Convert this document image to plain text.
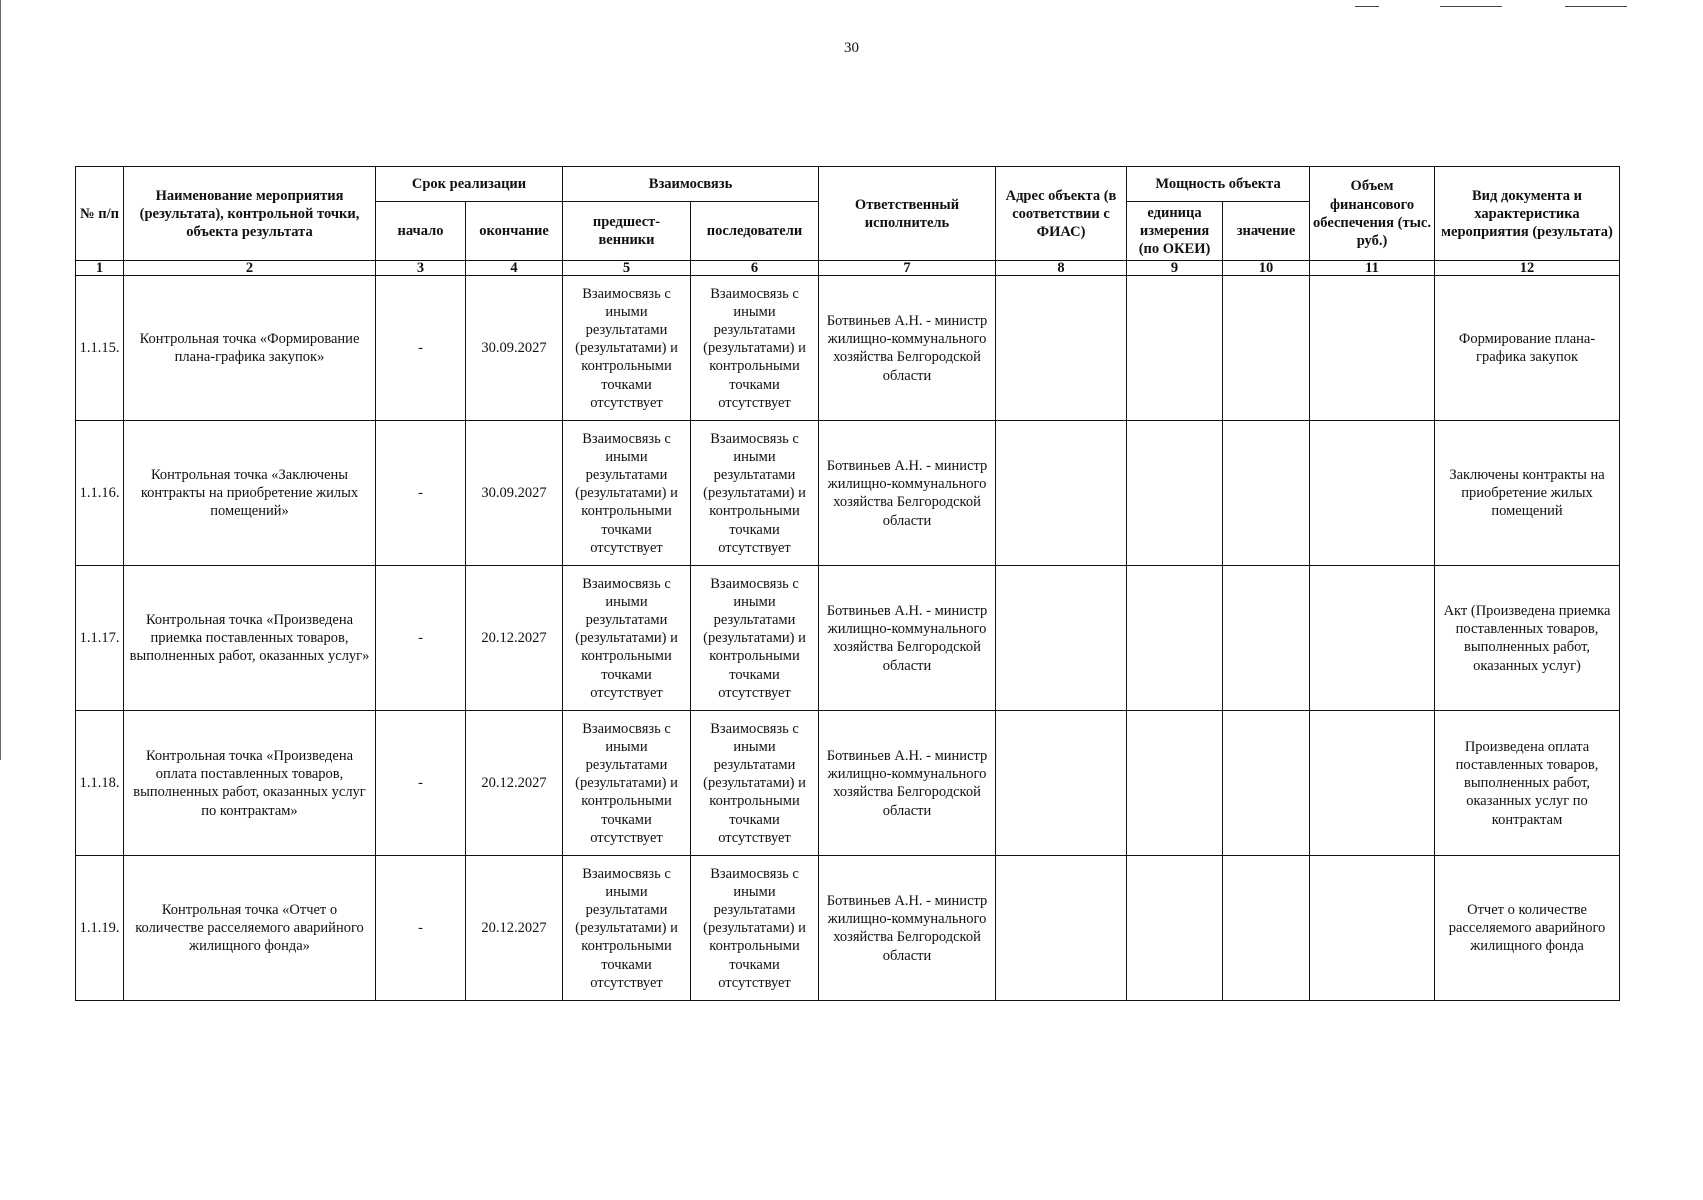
30
№ п/п	Наименование мероприятия (результата), контрольной точки, объекта результата	Срок реализации		Взаимосвязь		Ответственный исполнитель	Адрес объекта (в соответствии с ФИАС)	Мощность объекта		Объем финансового обеспечения (тыс. руб.)	Вид документа и характеристика мероприятия (результата)
		начало	окончание	предшест-венники	последователи			единица измерения (по ОКЕИ)	значение		
1	2	3	4	5	6	7	8	9	10	11	12
1.1.15.	Контрольная точка «Формирование плана-графика закупок»	-	30.09.2027	Взаимосвязь с иными результатами (результатами) и контрольными точками отсутствует	Взаимосвязь с иными результатами (результатами) и контрольными точками отсутствует	Ботвиньев А.Н. - министр жилищно-коммунального хозяйства Белгородской области					Формирование плана-графика закупок
1.1.16.	Контрольная точка «Заключены контракты на приобретение жилых помещений»	-	30.09.2027	Взаимосвязь с иными результатами (результатами) и контрольными точками отсутствует	Взаимосвязь с иными результатами (результатами) и контрольными точками отсутствует	Ботвиньев А.Н. - министр жилищно-коммунального хозяйства Белгородской области					Заключены контракты на приобретение жилых помещений
1.1.17.	Контрольная точка «Произведена приемка поставленных товаров, выполненных работ, оказанных услуг»	-	20.12.2027	Взаимосвязь с иными результатами (результатами) и контрольными точками отсутствует	Взаимосвязь с иными результатами (результатами) и контрольными точками отсутствует	Ботвиньев А.Н. - министр жилищно-коммунального хозяйства Белгородской области					Акт (Произведена приемка поставленных товаров, выполненных работ, оказанных услуг)
1.1.18.	Контрольная точка «Произведена оплата поставленных товаров, выполненных работ, оказанных услуг по контрактам»	-	20.12.2027	Взаимосвязь с иными результатами (результатами) и контрольными точками отсутствует	Взаимосвязь с иными результатами (результатами) и контрольными точками отсутствует	Ботвиньев А.Н. - министр жилищно-коммунального хозяйства Белгородской области					Произведена оплата поставленных товаров, выполненных работ, оказанных услуг по контрактам
1.1.19.	Контрольная точка «Отчет о количестве расселяемого аварийного жилищного фонда»	-	20.12.2027	Взаимосвязь с иными результатами (результатами) и контрольными точками отсутствует	Взаимосвязь с иными результатами (результатами) и контрольными точками отсутствует	Ботвиньев А.Н. - министр жилищно-коммунального хозяйства Белгородской области					Отчет о количестве расселяемого аварийного жилищного фонда
